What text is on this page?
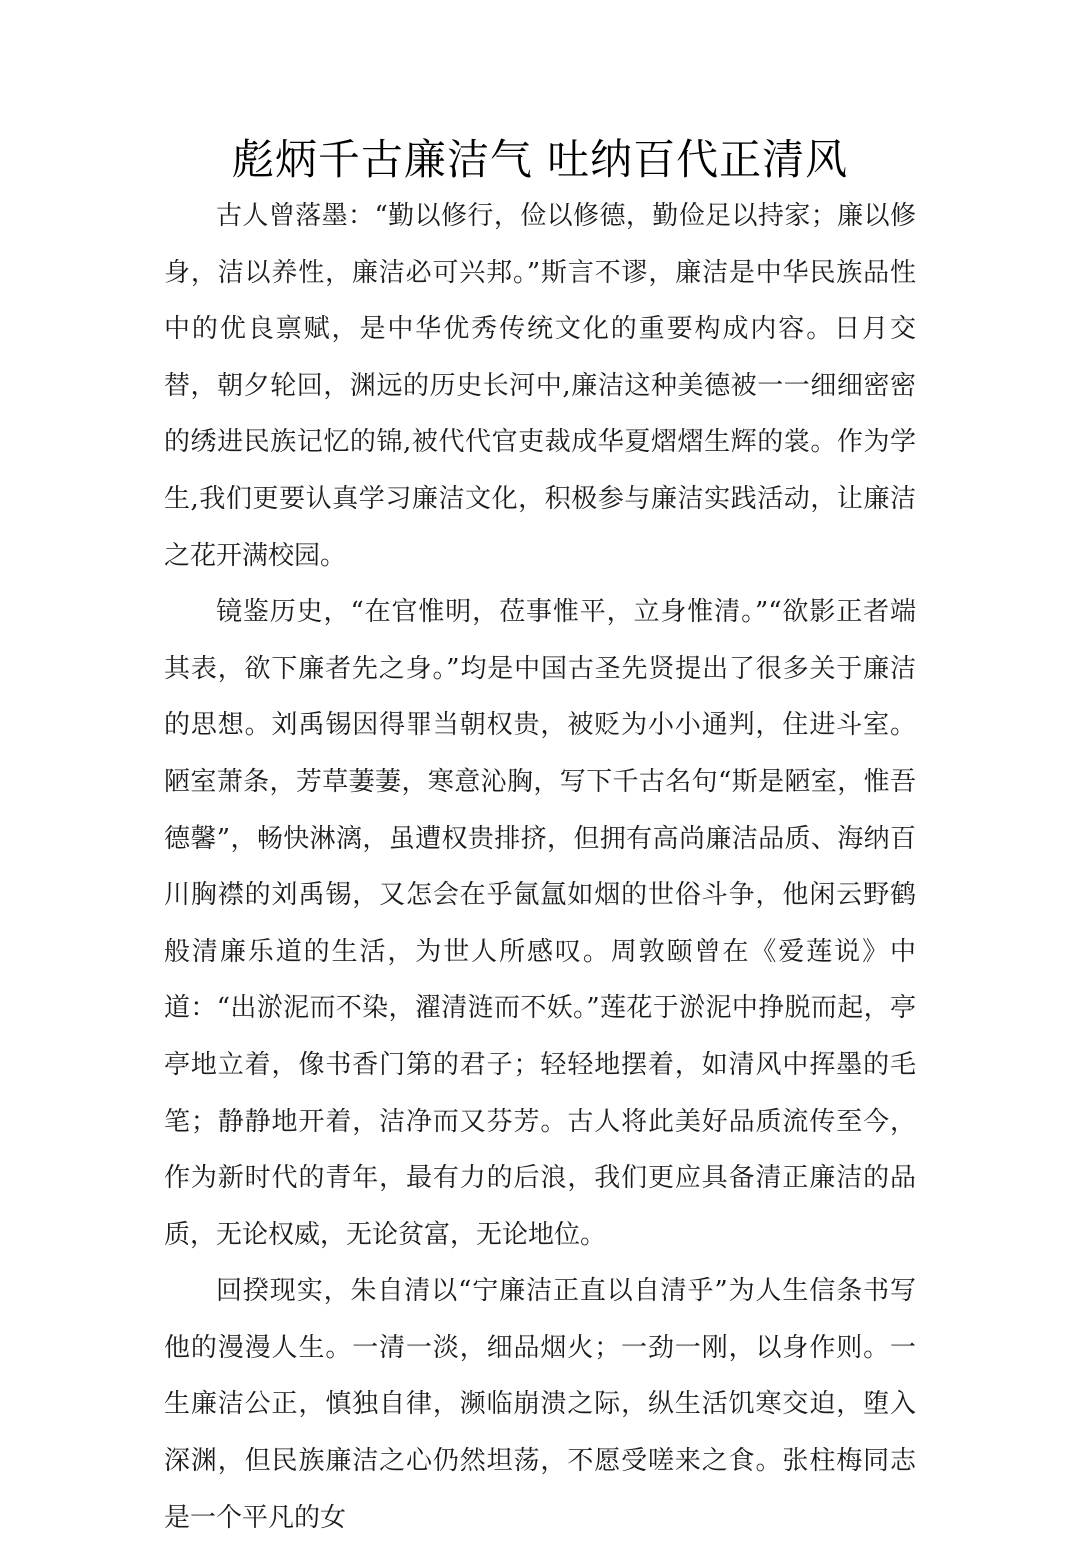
彪炳千古廉洁气 吐纳百代正清风

古人曾落墨：“勤以修行，俭以修德，勤俭足以持家；廉以修身，洁以养性，廉洁必可兴邦。”斯言不谬，廉洁是中华民族品性中的优良禀赋，是中华优秀传统文化的重要构成内容。日月交替，朝夕轮回，渊远的历史长河中,廉洁这种美德被一一细细密密的绣进民族记忆的锦,被代代官吏裁成华夏熠熠生辉的裳。作为学生,我们更要认真学习廉洁文化，积极参与廉洁实践活动，让廉洁之花开满校园。

镜鉴历史，“在官惟明，莅事惟平，立身惟清。”“欲影正者端其表，欲下廉者先之身。”均是中国古圣先贤提出了很多关于廉洁的思想。刘禹锡因得罪当朝权贵，被贬为小小通判，住进斗室。陋室萧条，芳草萋萋，寒意沁胸，写下千古名句“斯是陋室，惟吾德馨”，畅快淋漓，虽遭权贵排挤，但拥有高尚廉洁品质、海纳百川胸襟的刘禹锡，又怎会在乎氤氲如烟的世俗斗争，他闲云野鹤般清廉乐道的生活，为世人所感叹。周敦颐曾在《爱莲说》中道：“出淤泥而不染，濯清涟而不妖。”莲花于淤泥中挣脱而起，亭亭地立着，像书香门第的君子；轻轻地摆着，如清风中挥墨的毛笔；静静地开着，洁净而又芬芳。古人将此美好品质流传至今，作为新时代的青年，最有力的后浪，我们更应具备清正廉洁的品质，无论权威，无论贫富，无论地位。

回揆现实，朱自清以“宁廉洁正直以自清乎”为人生信条书写他的漫漫人生。一清一淡，细品烟火；一劲一刚，以身作则。一生廉洁公正，慎独自律，濒临崩溃之际，纵生活饥寒交迫，堕入深渊，但民族廉洁之心仍然坦荡，不愿受嗟来之食。张柱梅同志是一个平凡的女
